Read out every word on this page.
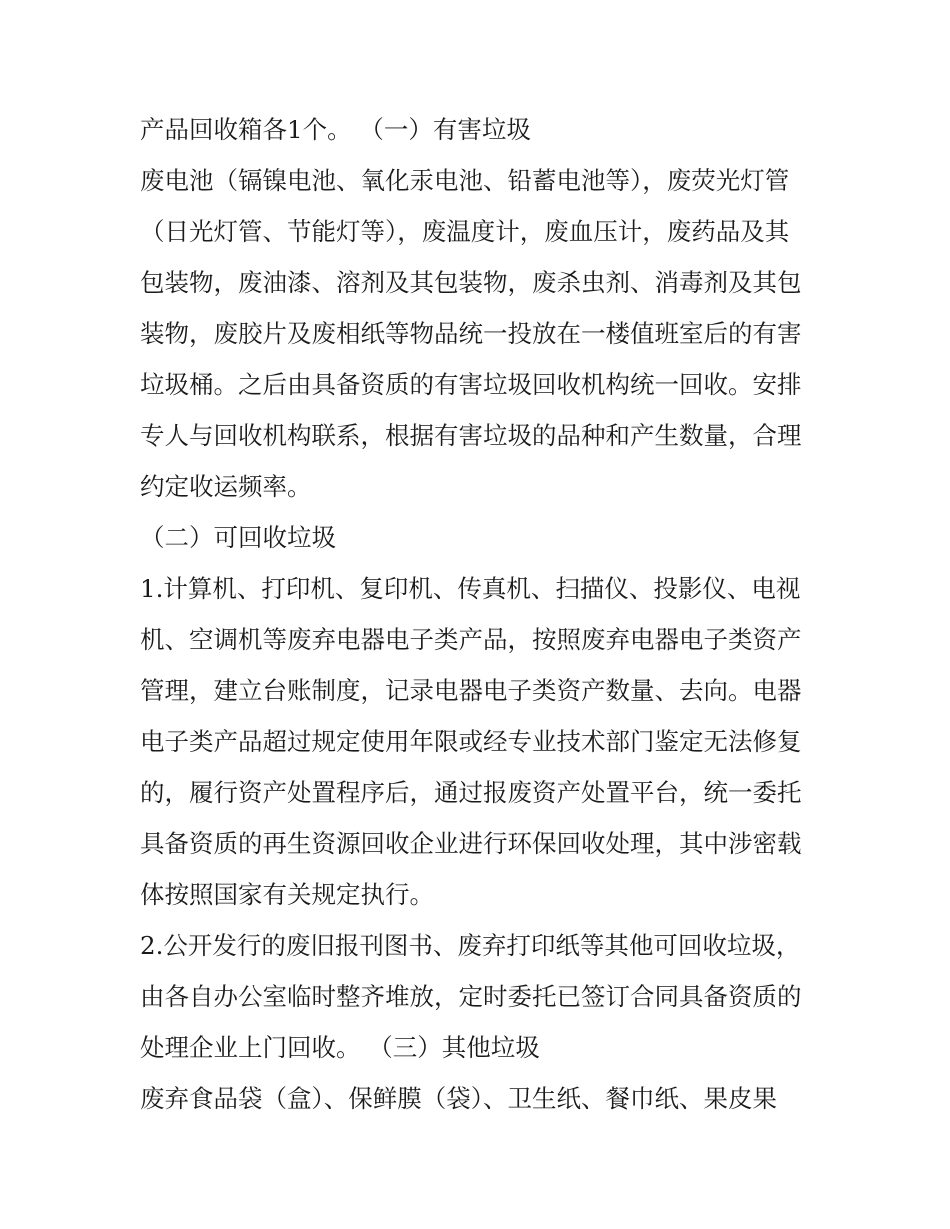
产品回收箱各1个。 （一）有害垃圾
废电池（镉镍电池、氧化汞电池、铅蓄电池等），废荧光灯管
（日光灯管、节能灯等），废温度计，废血压计，废药品及其
包装物，废油漆、溶剂及其包装物，废杀虫剂、消毒剂及其包
装物，废胶片及废相纸等物品统一投放在一楼值班室后的有害
垃圾桶。之后由具备资质的有害垃圾回收机构统一回收。安排
专人与回收机构联系，根据有害垃圾的品种和产生数量，合理
约定收运频率。
（二）可回收垃圾
1.计算机、打印机、复印机、传真机、扫描仪、投影仪、电视
机、空调机等废弃电器电子类产品，按照废弃电器电子类资产
管理，建立台账制度，记录电器电子类资产数量、去向。电器
电子类产品超过规定使用年限或经专业技术部门鉴定无法修复
的，履行资产处置程序后，通过报废资产处置平台，统一委托
具备资质的再生资源回收企业进行环保回收处理，其中涉密载
体按照国家有关规定执行。
2.公开发行的废旧报刊图书、废弃打印纸等其他可回收垃圾，
由各自办公室临时整齐堆放，定时委托已签订合同具备资质的
处理企业上门回收。 （三）其他垃圾
废弃食品袋（盒）、保鲜膜（袋）、卫生纸、餐巾纸、果皮果
